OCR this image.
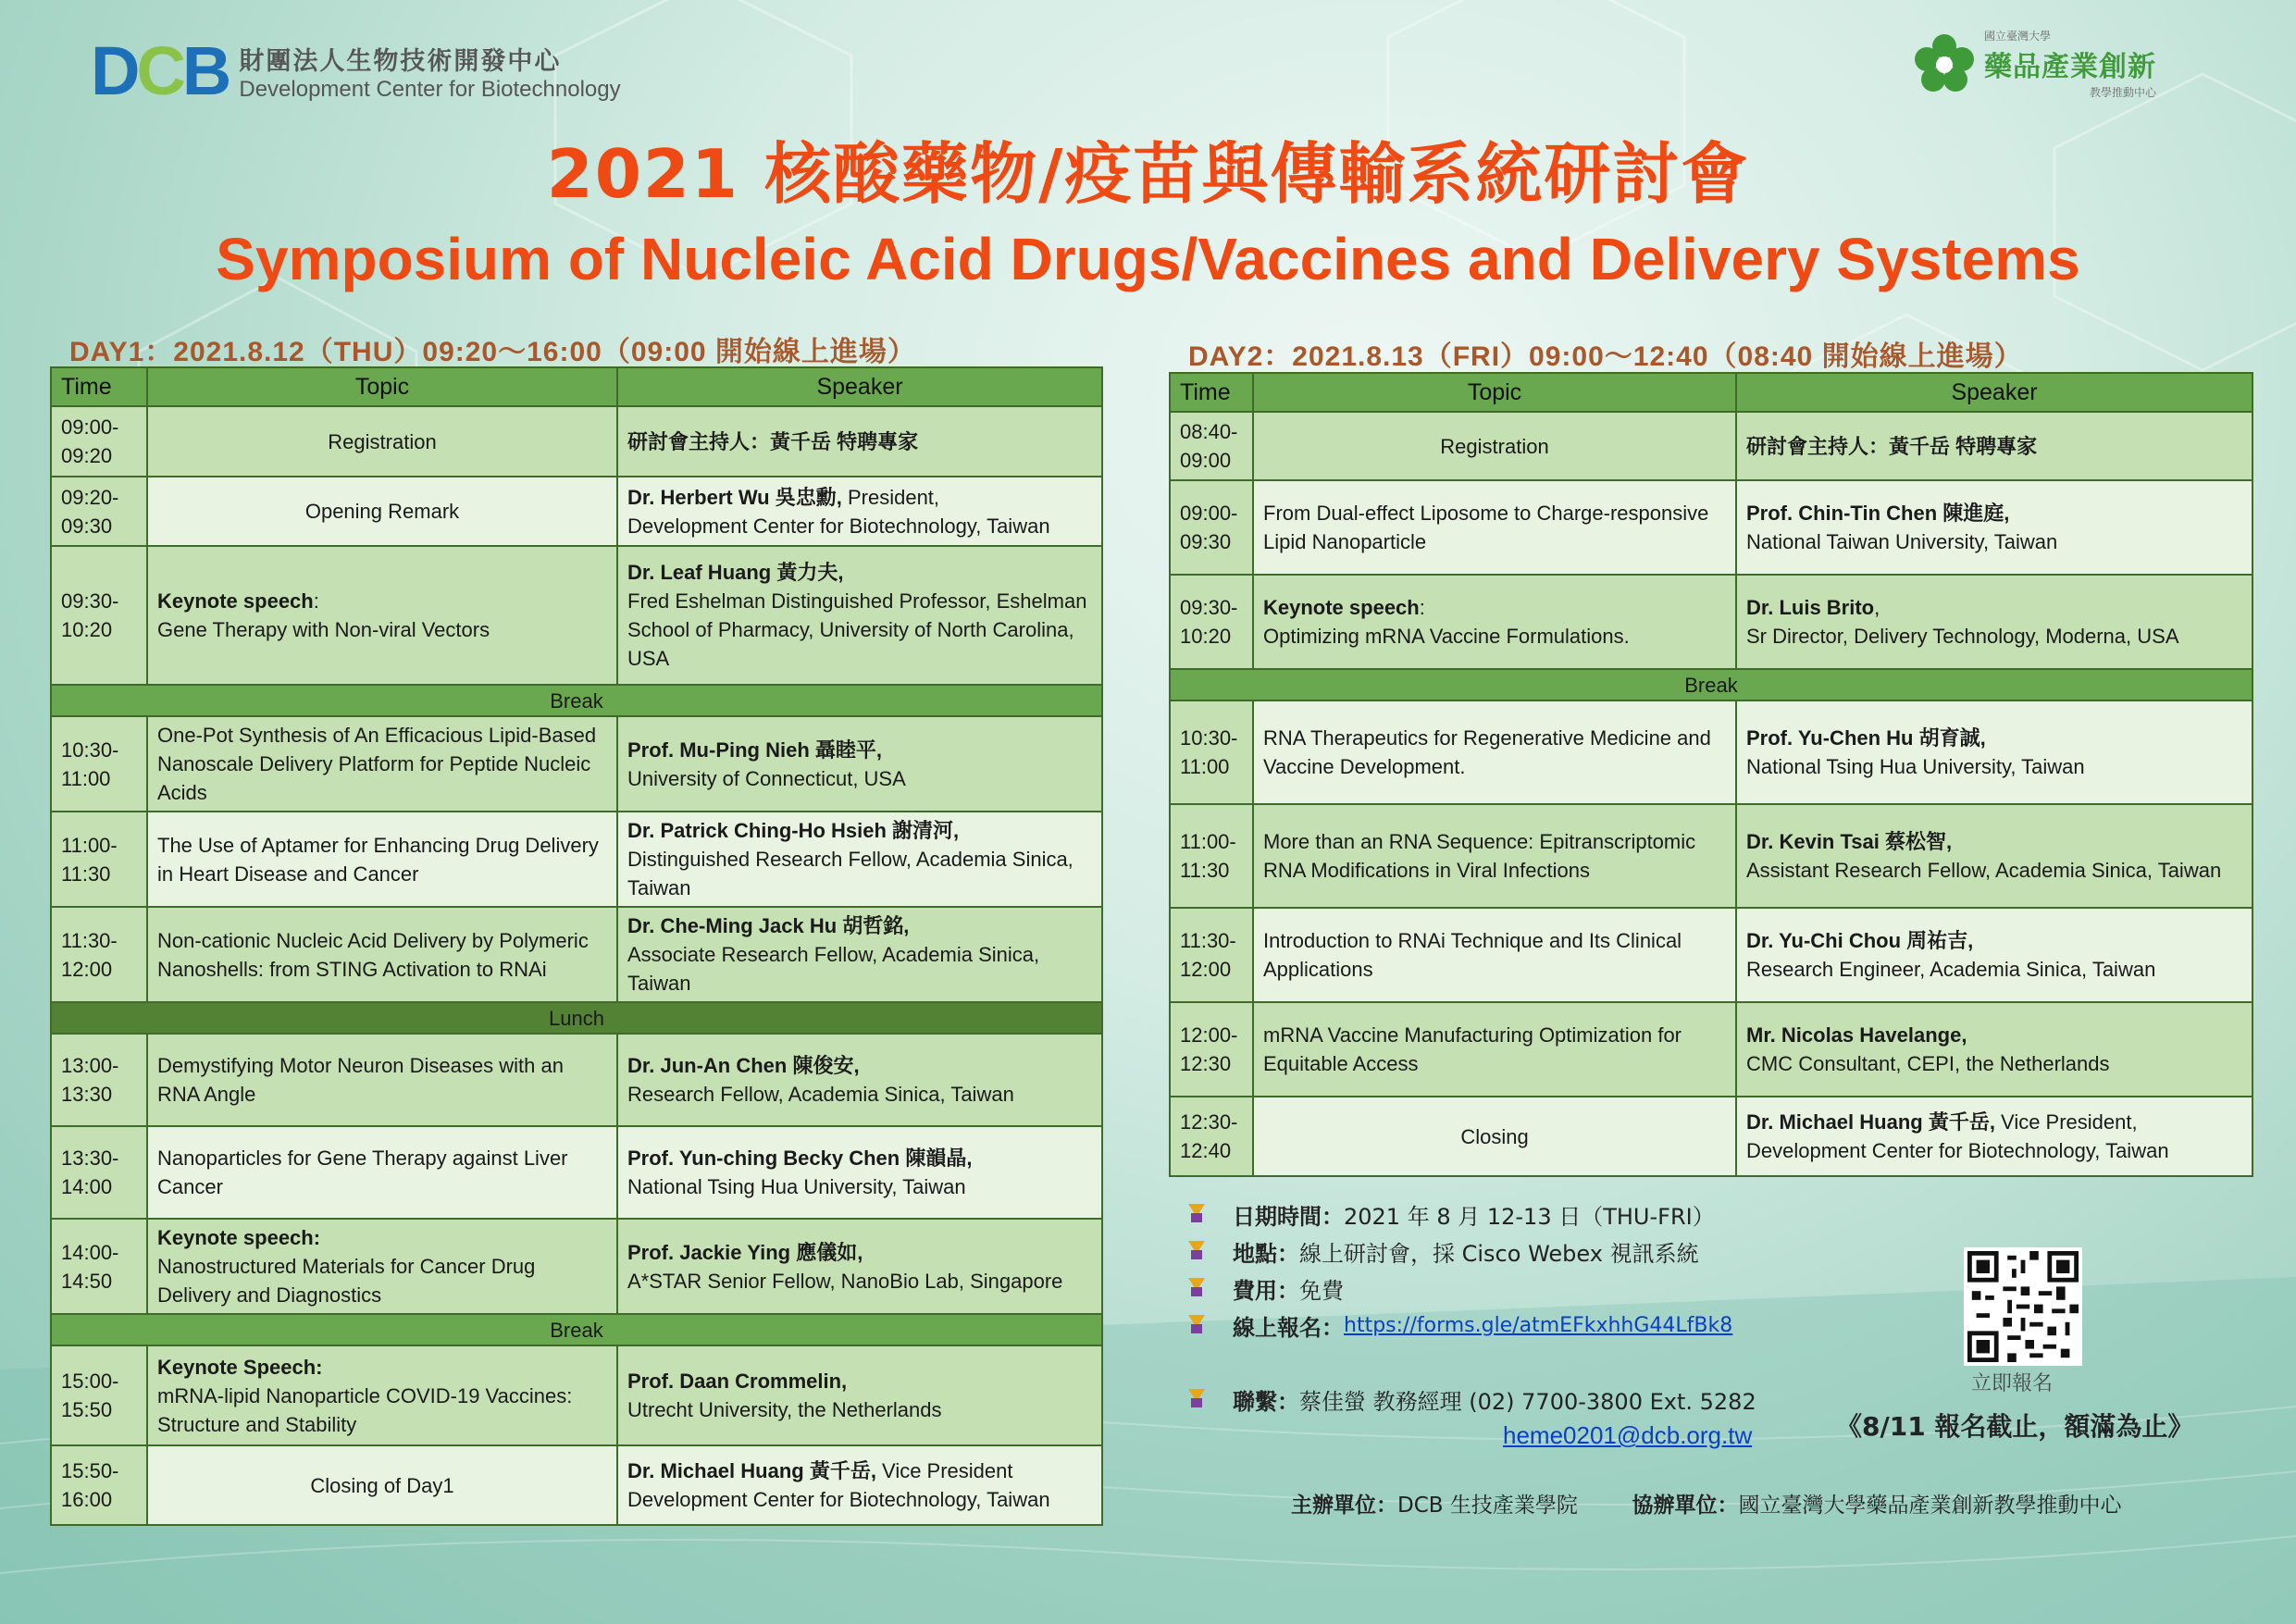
DCB 財團法人生物技術開發中心
Development Center for Biotechnology
國立臺灣大學
藥品產業創新
教學推動中心
2021 核酸藥物/疫苗與傳輸系統研討會
Symposium of Nucleic Acid Drugs/Vaccines and Delivery Systems
DAY1：2021.8.12（THU）09:20～16:00（09:00 開始線上進場）	DAY2：2021.8.13（FRI）09:00～12:40（08:40 開始線上進場）
Time	Topic	Speaker
09:00-
09:20	Registration	研討會主持人：黃千岳 特聘專家
09:20-
09:30	Opening Remark	Dr. Herbert Wu 吳忠勳, President,
Development Center for Biotechnology, Taiwan
09:30-
10:20	Keynote speech:
Gene Therapy with Non-viral Vectors	Dr. Leaf Huang 黃力夫,
Fred Eshelman Distinguished Professor, Eshelman School of Pharmacy, University of North Carolina, USA
Break		
10:30-
11:00	One-Pot Synthesis of An Efficacious Lipid-Based Nanoscale Delivery Platform for Peptide Nucleic Acids	Prof. Mu-Ping Nieh 聶睦平,
University of Connecticut, USA
11:00-
11:30	The Use of Aptamer for Enhancing Drug Delivery in Heart Disease and Cancer	Dr. Patrick Ching-Ho Hsieh 謝清河,
Distinguished Research Fellow, Academia Sinica, Taiwan
11:30-
12:00	Non-cationic Nucleic Acid Delivery by Polymeric Nanoshells: from STING Activation to RNAi	Dr. Che-Ming Jack Hu 胡哲銘,
Associate Research Fellow, Academia Sinica, Taiwan
Lunch		
13:00-
13:30	Demystifying Motor Neuron Diseases with an RNA Angle	Dr. Jun-An Chen 陳俊安,
Research Fellow, Academia Sinica, Taiwan
13:30-
14:00	Nanoparticles for Gene Therapy against Liver Cancer	Prof. Yun-ching Becky Chen 陳韻晶,
National Tsing Hua University, Taiwan
14:00-
14:50	Keynote speech:
Nanostructured Materials for Cancer Drug Delivery and Diagnostics	Prof. Jackie Ying 應儀如,
A*STAR Senior Fellow, NanoBio Lab, Singapore
Break		
15:00-
15:50	Keynote Speech:
mRNA-lipid Nanoparticle COVID-19 Vaccines: Structure and Stability	Prof. Daan Crommelin,
Utrecht University, the Netherlands
15:50-
16:00	Closing of Day1	Dr. Michael Huang 黃千岳, Vice President
Development Center for Biotechnology, Taiwan
Time	Topic	Speaker
08:40-
09:00	Registration	研討會主持人：黃千岳 特聘專家
09:00-
09:30	From Dual-effect Liposome to Charge-responsive Lipid Nanoparticle	Prof. Chin-Tin Chen 陳進庭,
National Taiwan University, Taiwan
09:30-
10:20	Keynote speech:
Optimizing mRNA Vaccine Formulations.	Dr. Luis Brito,
Sr Director, Delivery Technology, Moderna, USA
Break		
10:30-
11:00	RNA Therapeutics for Regenerative Medicine and Vaccine Development.	Prof. Yu-Chen Hu 胡育誠,
National Tsing Hua University, Taiwan
11:00-
11:30	More than an RNA Sequence: Epitranscriptomic RNA Modifications in Viral Infections	Dr. Kevin Tsai 蔡松智,
Assistant Research Fellow, Academia Sinica, Taiwan
11:30-
12:00	Introduction to RNAi Technique and Its Clinical Applications	Dr. Yu-Chi Chou 周祐吉,
Research Engineer, Academia Sinica, Taiwan
12:00-
12:30	mRNA Vaccine Manufacturing Optimization for Equitable Access	Mr. Nicolas Havelange,
CMC Consultant, CEPI, the Netherlands
12:30-
12:40	Closing	Dr. Michael Huang 黃千岳, Vice President,
Development Center for Biotechnology, Taiwan
日期時間： 2021 年 8 月 12-13 日（THU-FRI）
地點： 線上研討會，採 Cisco Webex 視訊系統
費用： 免費
線上報名： https://forms.gle/atmEFkxhhG44LfBk8
聯繫： 蔡佳螢 教務經理 (02) 7700-3800 Ext. 5282
heme0201@dcb.org.tw
立即報名
《8/11 報名截止，額滿為止》
主辦單位：DCB 生技產業學院	協辦單位：國立臺灣大學藥品產業創新教學推動中心
